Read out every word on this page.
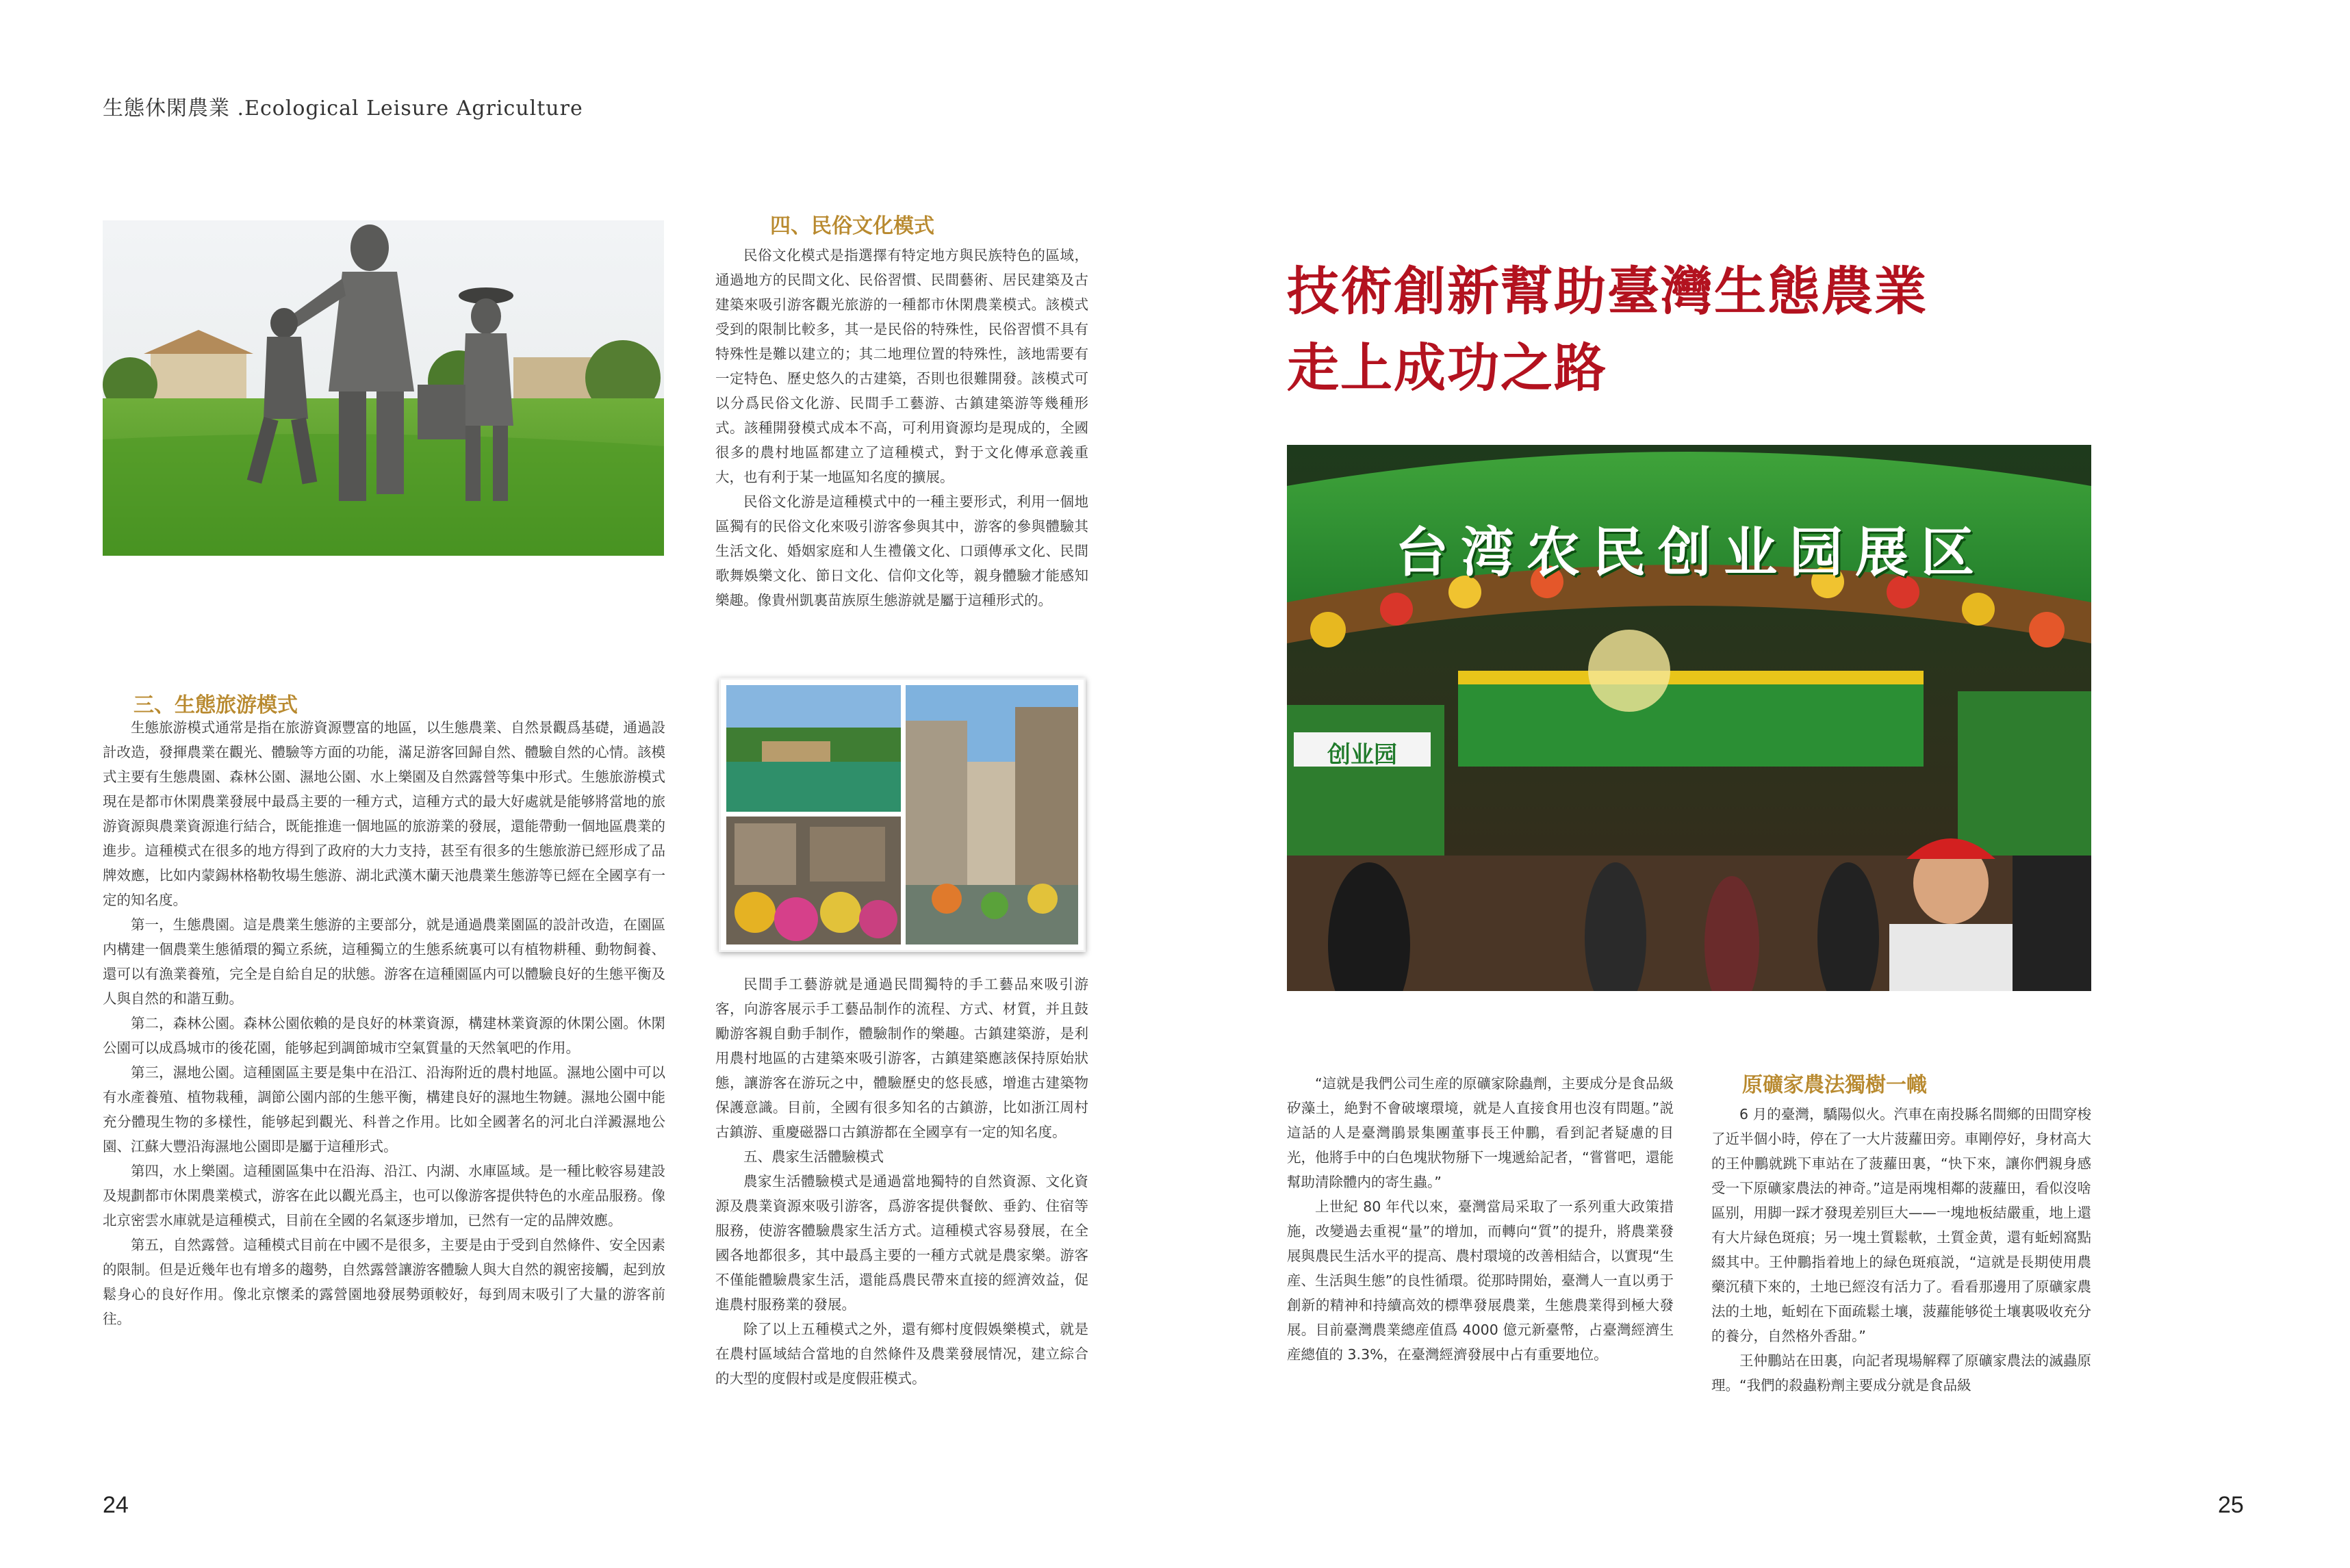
生態休閑農業 .Ecological Leisure Agriculture
三、生態旅游模式

生態旅游模式通常是指在旅游資源豐富的地區，以生態農業、自然景觀爲基礎，通過設計改造，發揮農業在觀光、體驗等方面的功能，滿足游客回歸自然、體驗自然的心情。該模式主要有生態農園、森林公園、濕地公園、水上樂園及自然露營等集中形式。生態旅游模式現在是都市休閑農業發展中最爲主要的一種方式，這種方式的最大好處就是能够將當地的旅游資源與農業資源進行結合，既能推進一個地區的旅游業的發展，還能帶動一個地區農業的進步。這種模式在很多的地方得到了政府的大力支持，甚至有很多的生態旅游已經形成了品牌效應，比如内蒙錫林格勒牧場生態游、湖北武漢木蘭天池農業生態游等已經在全國享有一定的知名度。

第一，生態農園。這是農業生態游的主要部分，就是通過農業園區的設計改造，在園區内構建一個農業生態循環的獨立系統，這種獨立的生態系統裏可以有植物耕種、動物飼養、還可以有漁業養殖，完全是自給自足的狀態。游客在這種園區内可以體驗良好的生態平衡及人與自然的和諧互動。

第二，森林公園。森林公園依賴的是良好的林業資源，構建林業資源的休閑公園。休閑公園可以成爲城市的後花園，能够起到調節城市空氣質量的天然氧吧的作用。

第三，濕地公園。這種園區主要是集中在沿江、沿海附近的農村地區。濕地公園中可以有水產養殖、植物栽種，調節公園内部的生態平衡，構建良好的濕地生物鏈。濕地公園中能充分體現生物的多樣性，能够起到觀光、科普之作用。比如全國著名的河北白洋澱濕地公園、江蘇大豐沿海濕地公園即是屬于這種形式。

第四，水上樂園。這種園區集中在沿海、沿江、内湖、水庫區域。是一種比較容易建設及規劃都市休閑農業模式，游客在此以觀光爲主，也可以像游客提供特色的水産品服務。像北京密雲水庫就是這種模式，目前在全國的名氣逐步增加，已然有一定的品牌效應。

第五，自然露營。這種模式目前在中國不是很多，主要是由于受到自然條件、安全因素的限制。但是近幾年也有增多的趨勢，自然露營讓游客體驗人與大自然的親密接觸，起到放鬆身心的良好作用。像北京懷柔的露營園地發展勢頭較好，每到周末吸引了大量的游客前往。

四、民俗文化模式

民俗文化模式是指選擇有特定地方與民族特色的區域，通過地方的民間文化、民俗習慣、民間藝術、居民建築及古建築來吸引游客觀光旅游的一種都市休閑農業模式。該模式受到的限制比較多，其一是民俗的特殊性，民俗習慣不具有特殊性是難以建立的；其二地理位置的特殊性，該地需要有一定特色、歷史悠久的古建築，否則也很難開發。該模式可以分爲民俗文化游、民間手工藝游、古鎮建築游等幾種形式。該種開發模式成本不高，可利用資源均是現成的，全國很多的農村地區都建立了這種模式，對于文化傳承意義重大，也有利于某一地區知名度的擴展。

民俗文化游是這種模式中的一種主要形式，利用一個地區獨有的民俗文化來吸引游客參與其中，游客的參與體驗其生活文化、婚姻家庭和人生禮儀文化、口頭傳承文化、民間歌舞娛樂文化、節日文化、信仰文化等，親身體驗才能感知樂趣。像貴州凱裏苗族原生態游就是屬于這種形式的。

民間手工藝游就是通過民間獨特的手工藝品來吸引游客，向游客展示手工藝品制作的流程、方式、材質，并且鼓勵游客親自動手制作，體驗制作的樂趣。古鎮建築游，是利用農村地區的古建築來吸引游客，古鎮建築應該保持原始狀態，讓游客在游玩之中，體驗歷史的悠長感，增進古建築物保護意識。目前，全國有很多知名的古鎮游，比如浙江周村古鎮游、重慶磁器口古鎮游都在全國享有一定的知名度。

五、農家生活體驗模式

農家生活體驗模式是通過當地獨特的自然資源、文化資源及農業資源來吸引游客，爲游客提供餐飲、垂釣、住宿等服務，使游客體驗農家生活方式。這種模式容易發展，在全國各地都很多，其中最爲主要的一種方式就是農家樂。游客不僅能體驗農家生活，還能爲農民帶來直接的經濟效益，促進農村服務業的發展。

除了以上五種模式之外，還有鄉村度假娛樂模式，就是在農村區域結合當地的自然條件及農業發展情况，建立綜合的大型的度假村或是度假莊模式。

24
技術創新幫助臺灣生態農業
走上成功之路
台湾农民创业园展区
创业园

“這就是我們公司生産的原礦家除蟲劑，主要成分是食品級矽藻土，絶對不會破壞環境，就是人直接食用也沒有問題。”説這話的人是臺灣鵑景集團董事長王仲鵬，看到記者疑慮的目光，他將手中的白色塊狀物掰下一塊遞給記者，“嘗嘗吧，還能幫助清除體内的寄生蟲。”

上世紀 80 年代以來，臺灣當局采取了一系列重大政策措施，改變過去重視“量”的增加，而轉向“質”的提升，將農業發展與農民生活水平的提高、農村環境的改善相結合，以實現“生産、生活與生態”的良性循環。從那時開始，臺灣人一直以勇于創新的精神和持續高效的標準發展農業，生態農業得到極大發展。目前臺灣農業總産值爲 4000 億元新臺幣，占臺灣經濟生産總值的 3.3%，在臺灣經濟發展中占有重要地位。

原礦家農法獨樹一幟

6 月的臺灣，驕陽似火。汽車在南投縣名間鄉的田間穿梭了近半個小時，停在了一大片菠蘿田旁。車剛停好，身材高大的王仲鵬就跳下車站在了菠蘿田裏，“快下來，讓你們親身感受一下原礦家農法的神奇。”這是兩塊相鄰的菠蘿田，看似沒啥區别，用脚一踩才發現差别巨大——一塊地板結嚴重，地上還有大片緑色斑痕；另一塊土質鬆軟，土質金黄，還有蚯蚓窩點綴其中。王仲鵬指着地上的緑色斑痕説，“這就是長期使用農藥沉積下來的，土地已經沒有活力了。看看那邊用了原礦家農法的土地，蚯蚓在下面疏鬆土壤，菠蘿能够從土壤裏吸收充分的養分，自然格外香甜。”

王仲鵬站在田裏，向記者現場解釋了原礦家農法的滅蟲原理。“我們的殺蟲粉劑主要成分就是食品級

25
